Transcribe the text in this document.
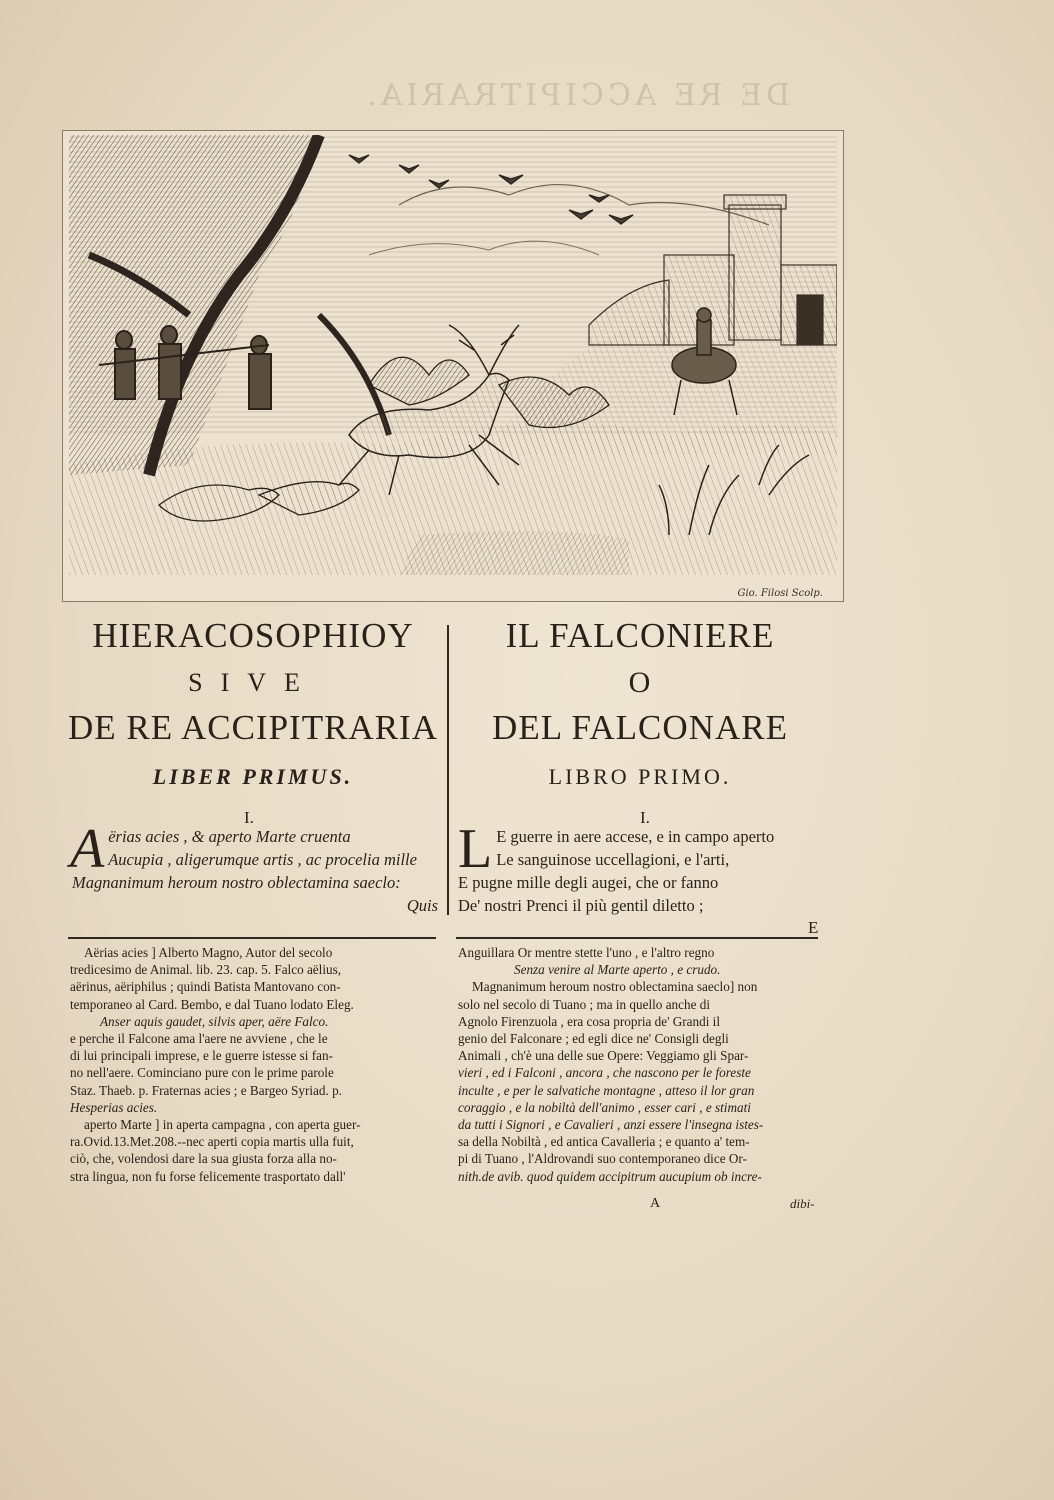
DE RE ACCIPITRARIA.
Gio. Filosi Scolp.
HIERACOSOPHIOY
SIVE
DE RE ACCIPITRARIA
LIBER PRIMUS.
IL FALCONIERE
O
DEL FALCONARE
LIBRO PRIMO.
I.	I.
A ërias acies , & aperto Marte cruenta
Aucupia , aligerumque artis , ac procelia mille
Magnanimum heroum nostro oblectamina saeclo:
Quis
L E guerre in aere accese, e in campo aperto
Le sanguinose uccellagioni, e l'arti,
E pugne mille degli augei, che or fanno
De' nostri Prenci il più gentil diletto ;
E
Aërias acies ] Alberto Magno, Autor del secolo
tredicesimo de Animal. lib. 23. cap. 5. Falco aëlius,
aërinus, aëriphilus ; quindi Batista Mantovano con-
temporaneo al Card. Bembo, e dal Tuano lodato Eleg.
Anser aquis gaudet, silvis aper, aëre Falco.
e perche il Falcone ama l'aere ne avviene , che le
di lui principali imprese, e le guerre istesse si fan-
no nell'aere. Cominciano pure con le prime parole
Staz. Thaeb. p. Fraternas acies ; e Bargeo Syriad. p.
Hesperias acies.
aperto Marte ] in aperta campagna , con aperta guer-
ra.Ovid.13.Met.208.--nec aperti copia martis ulla fuit,
ciò, che, volendosi dare la sua giusta forza alla no-
stra lingua, non fu forse felicemente trasportato dall'
Anguillara Or mentre stette l'uno , e l'altro regno
Senza venire al Marte aperto , e crudo.
Magnanimum heroum nostro oblectamina saeclo] non
solo nel secolo di Tuano ; ma in quello anche di
Agnolo Firenzuola , era cosa propria de' Grandi il
genio del Falconare ; ed egli dice ne' Consigli degli
Animali , ch'è una delle sue Opere: Veggiamo gli Spar-
vieri , ed i Falconi , ancora , che nascono per le foreste
inculte , e per le salvatiche montagne , atteso il lor gran
coraggio , e la nobiltà dell'animo , esser cari , e stimati
da tutti i Signori , e Cavalieri , anzi essere l'insegna istes-
sa della Nobiltà , ed antica Cavalleria ; e quanto a' tem-
pi di Tuano , l'Aldrovandi suo contemporaneo dice Or-
nith.de avib. quod quidem accipitrum aucupium ob incre-
A	dibi-
